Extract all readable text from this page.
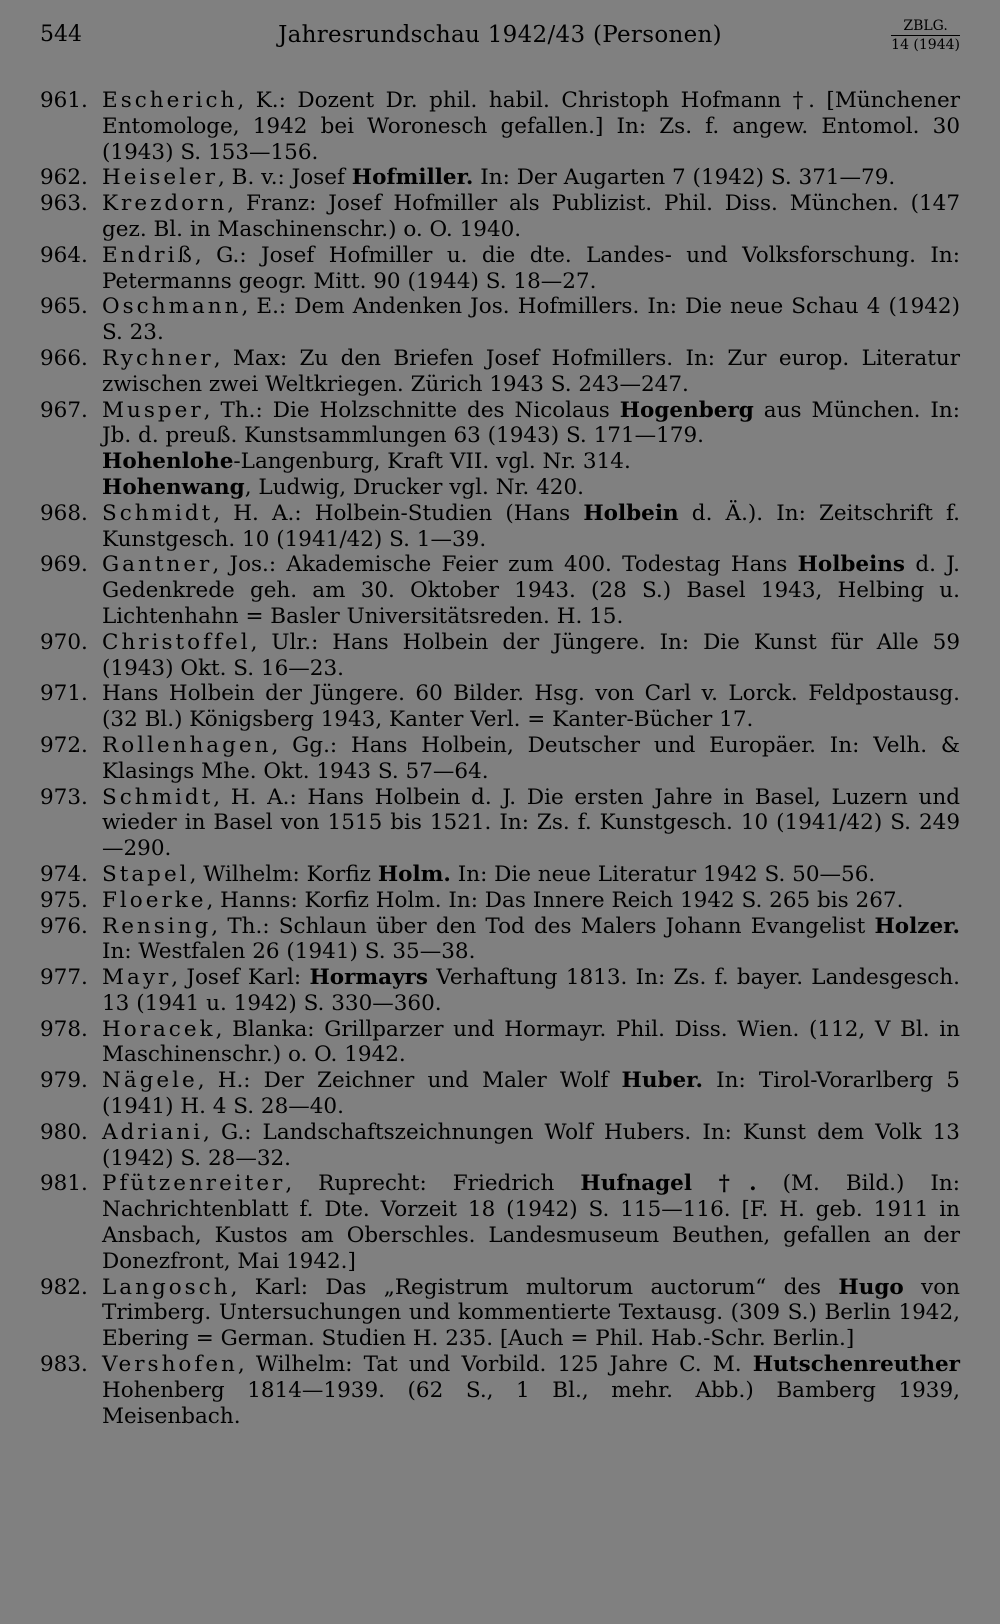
544	Jahresrundschau 1942/43 (Personen)	ZBLG.
14 (1944)
961. Escherich, K.: Dozent Dr. phil. habil. Christoph Hofmann †. [Münchener Entomologe, 1942 bei Woronesch gefallen.] In: Zs. f. angew. Entomol. 30 (1943) S. 153—156.
962. Heiseler, B. v.: Josef Hofmiller. In: Der Augarten 7 (1942) S. 371—79.
963. Krezdorn, Franz: Josef Hofmiller als Publizist. Phil. Diss. München. (147 gez. Bl. in Maschinenschr.) o. O. 1940.
964. Endriß, G.: Josef Hofmiller u. die dte. Landes- und Volksforschung. In: Petermanns geogr. Mitt. 90 (1944) S. 18—27.
965. Oschmann, E.: Dem Andenken Jos. Hofmillers. In: Die neue Schau 4 (1942) S. 23.
966. Rychner, Max: Zu den Briefen Josef Hofmillers. In: Zur europ. Literatur zwischen zwei Weltkriegen. Zürich 1943 S. 243—247.
967. Musper, Th.: Die Holzschnitte des Nicolaus Hogenberg aus München. In: Jb. d. preuß. Kunstsammlungen 63 (1943) S. 171—179.
Hohenlohe-Langenburg, Kraft VII. vgl. Nr. 314.
Hohenwang, Ludwig, Drucker vgl. Nr. 420.
968. Schmidt, H. A.: Holbein-Studien (Hans Holbein d. Ä.). In: Zeitschrift f. Kunstgesch. 10 (1941/42) S. 1—39.
969. Gantner, Jos.: Akademische Feier zum 400. Todestag Hans Holbeins d. J. Gedenkrede geh. am 30. Oktober 1943. (28 S.) Basel 1943, Helbing u. Lichtenhahn = Basler Universitätsreden. H. 15.
970. Christoffel, Ulr.: Hans Holbein der Jüngere. In: Die Kunst für Alle 59 (1943) Okt. S. 16—23.
971. Hans Holbein der Jüngere. 60 Bilder. Hsg. von Carl v. Lorck. Feldpostausg. (32 Bl.) Königsberg 1943, Kanter Verl. = Kanter-Bücher 17.
972. Rollenhagen, Gg.: Hans Holbein, Deutscher und Europäer. In: Velh. & Klasings Mhe. Okt. 1943 S. 57—64.
973. Schmidt, H. A.: Hans Holbein d. J. Die ersten Jahre in Basel, Luzern und wieder in Basel von 1515 bis 1521. In: Zs. f. Kunstgesch. 10 (1941/42) S. 249—290.
974. Stapel, Wilhelm: Korfiz Holm. In: Die neue Literatur 1942 S. 50—56.
975. Floerke, Hanns: Korfiz Holm. In: Das Innere Reich 1942 S. 265 bis 267.
976. Rensing, Th.: Schlaun über den Tod des Malers Johann Evangelist Holzer. In: Westfalen 26 (1941) S. 35—38.
977. Mayr, Josef Karl: Hormayrs Verhaftung 1813. In: Zs. f. bayer. Landesgesch. 13 (1941 u. 1942) S. 330—360.
978. Horacek, Blanka: Grillparzer und Hormayr. Phil. Diss. Wien. (112, V Bl. in Maschinenschr.) o. O. 1942.
979. Nägele, H.: Der Zeichner und Maler Wolf Huber. In: Tirol-Vorarlberg 5 (1941) H. 4 S. 28—40.
980. Adriani, G.: Landschaftszeichnungen Wolf Hubers. In: Kunst dem Volk 13 (1942) S. 28—32.
981. Pfützenreiter, Ruprecht: Friedrich Hufnagel †. (M. Bild.) In: Nachrichtenblatt f. Dte. Vorzeit 18 (1942) S. 115—116. [F. H. geb. 1911 in Ansbach, Kustos am Oberschles. Landesmuseum Beuthen, gefallen an der Donezfront, Mai 1942.]
982. Langosch, Karl: Das „Registrum multorum auctorum“ des Hugo von Trimberg. Untersuchungen und kommentierte Textausg. (309 S.) Berlin 1942, Ebering = German. Studien H. 235. [Auch = Phil. Hab.-Schr. Berlin.]
983. Vershofen, Wilhelm: Tat und Vorbild. 125 Jahre C. M. Hutschenreuther Hohenberg 1814—1939. (62 S., 1 Bl., mehr. Abb.) Bamberg 1939, Meisenbach.
